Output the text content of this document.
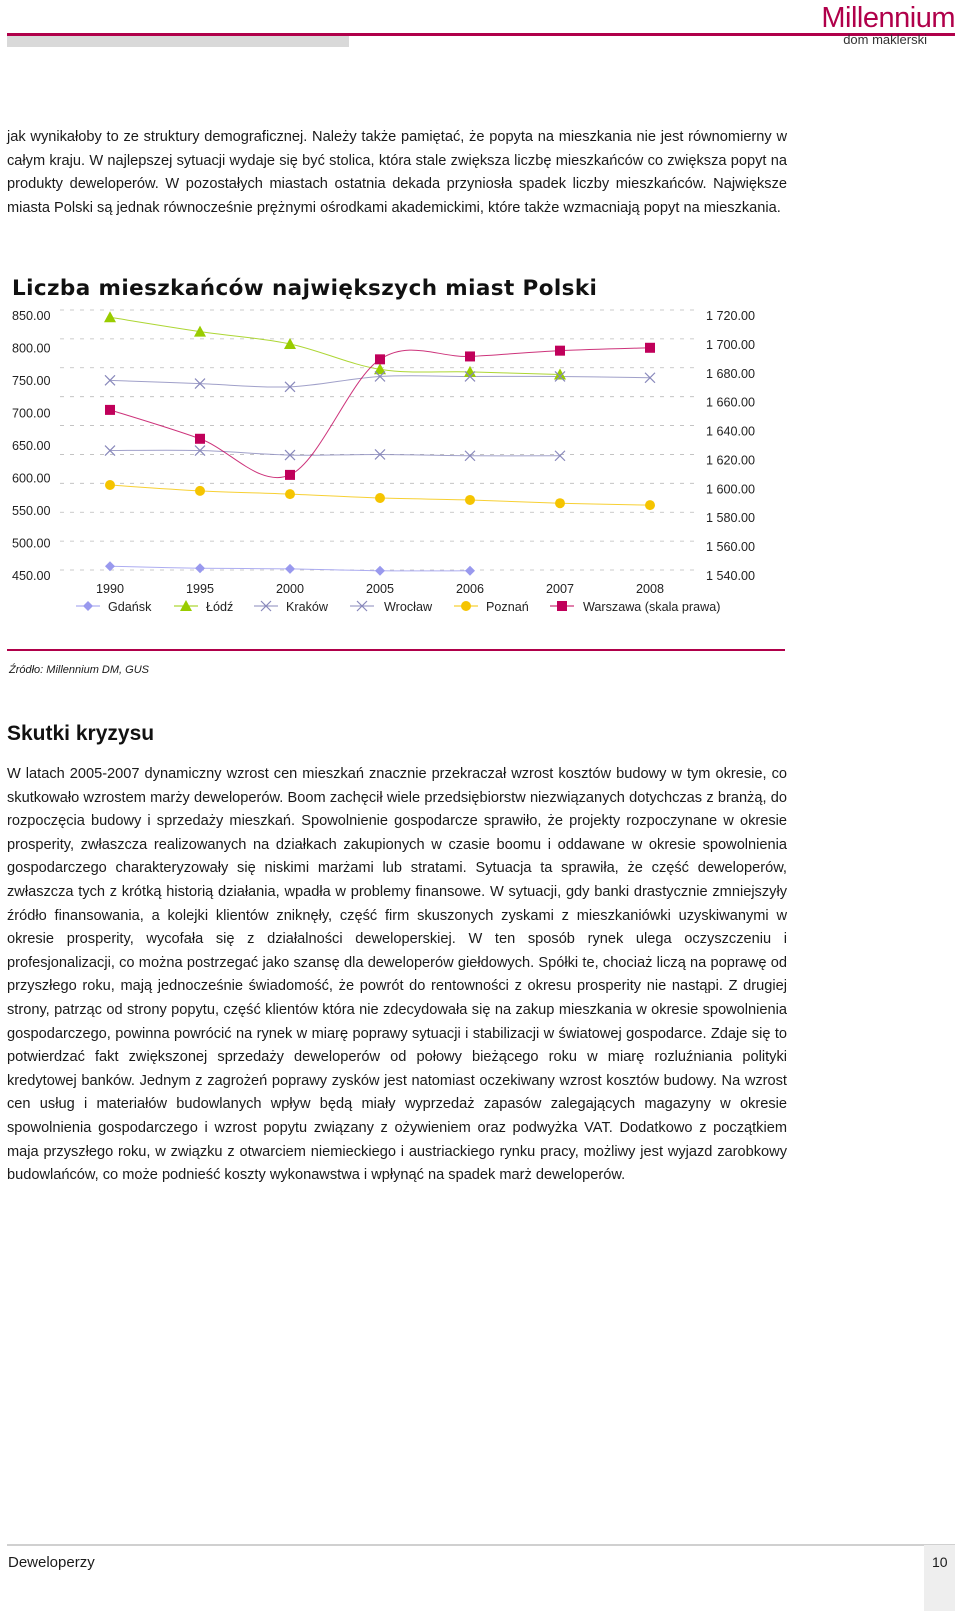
Millennium
dom maklerski

jak wynikałoby to ze struktury demograficznej. Należy także pamiętać, że popyta na mieszkania nie jest równomierny w całym kraju. W najlepszej sytuacji wydaje się być stolica, która stale zwiększa liczbę mieszkańców co zwiększa popyt na produkty deweloperów. W pozostałych miastach ostatnia dekada przyniosła spadek liczby mieszkańców. Największe miasta Polski są jednak równocześnie prężnymi ośrodkami akademickimi, które także wzmacniają popyt na mieszkania.

Liczba mieszkańców największych miast Polski
850.00
800.00
750.00
700.00
650.00
600.00
550.00
500.00
450.00
1 720.00
1 700.00
1 680.00
1 660.00
1 640.00
1 620.00
1 600.00
1 580.00
1 560.00
1 540.00
1990	1995	2000	2005	2006	2007	2008
Gdańsk	Łódź	Kraków	Wrocław	Poznań	Warszawa (skala prawa)

Źródło: Millennium DM, GUS

Skutki kryzysu

W latach 2005-2007 dynamiczny wzrost cen mieszkań znacznie przekraczał wzrost kosztów budowy w tym okresie, co skutkowało wzrostem marży deweloperów. Boom zachęcił wiele przedsiębiorstw niezwiązanych dotychczas z branżą, do rozpoczęcia budowy i sprzedaży mieszkań. Spowolnienie gospodarcze sprawiło, że projekty rozpoczynane w okresie prosperity, zwłaszcza realizowanych na działkach zakupionych w czasie boomu i oddawane w okresie spowolnienia gospodarczego charakteryzowały się niskimi marżami lub stratami. Sytuacja ta sprawiła, że część deweloperów, zwłaszcza tych z krótką historią działania, wpadła w problemy finansowe. W sytuacji, gdy banki drastycznie zmniejszyły źródło finansowania, a kolejki klientów zniknęły, część firm skuszonych zyskami z mieszkaniówki uzyskiwanymi w okresie prosperity, wycofała się z działalności deweloperskiej. W ten sposób rynek ulega oczyszczeniu i profesjonalizacji, co można postrzegać jako szansę dla deweloperów giełdowych. Spółki te, chociaż liczą na poprawę od przyszłego roku, mają jednocześnie świadomość, że powrót do rentowności z okresu prosperity nie nastąpi. Z drugiej strony, patrząc od strony popytu, część klientów która nie zdecydowała się na zakup mieszkania w okresie spowolnienia gospodarczego, powinna powrócić na rynek w miarę poprawy sytuacji i stabilizacji w światowej gospodarce. Zdaje się to potwierdzać fakt zwiększonej sprzedaży deweloperów od połowy bieżącego roku w miarę rozluźniania polityki kredytowej banków. Jednym z zagrożeń poprawy zysków jest natomiast oczekiwany wzrost kosztów budowy. Na wzrost cen usług i materiałów budowlanych wpływ będą miały wyprzedaż zapasów zalegających magazyny w okresie spowolnienia gospodarczego i wzrost popytu związany z ożywieniem oraz podwyżka VAT. Dodatkowo z początkiem maja przyszłego roku, w związku z otwarciem niemieckiego i austriackiego rynku pracy, możliwy jest wyjazd zarobkowy budowlańców, co może podnieść koszty wykonawstwa i wpłynąć na spadek marż deweloperów.

Deweloperzy	10
